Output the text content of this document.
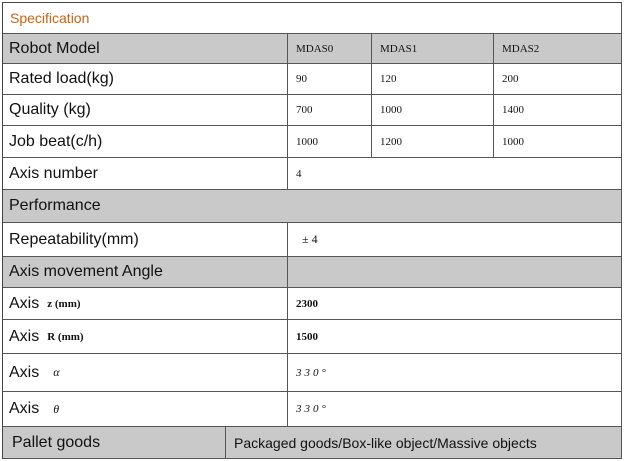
Specification
Robot Model	MDAS0	MDAS1	MDAS2
Rated load(kg)	90	120	200
Quality (kg)	700	1000	1400
Job beat(c/h)	1000	1200	1000
Axis number	4
Performance
Repeatability(mm)	± 4
Axis movement Angle
Axis z (mm)	2300
Axis R (mm)	1500
Axis α	330°
Axis θ	330°
Pallet goods	Packaged goods/Box-like object/Massive objects
